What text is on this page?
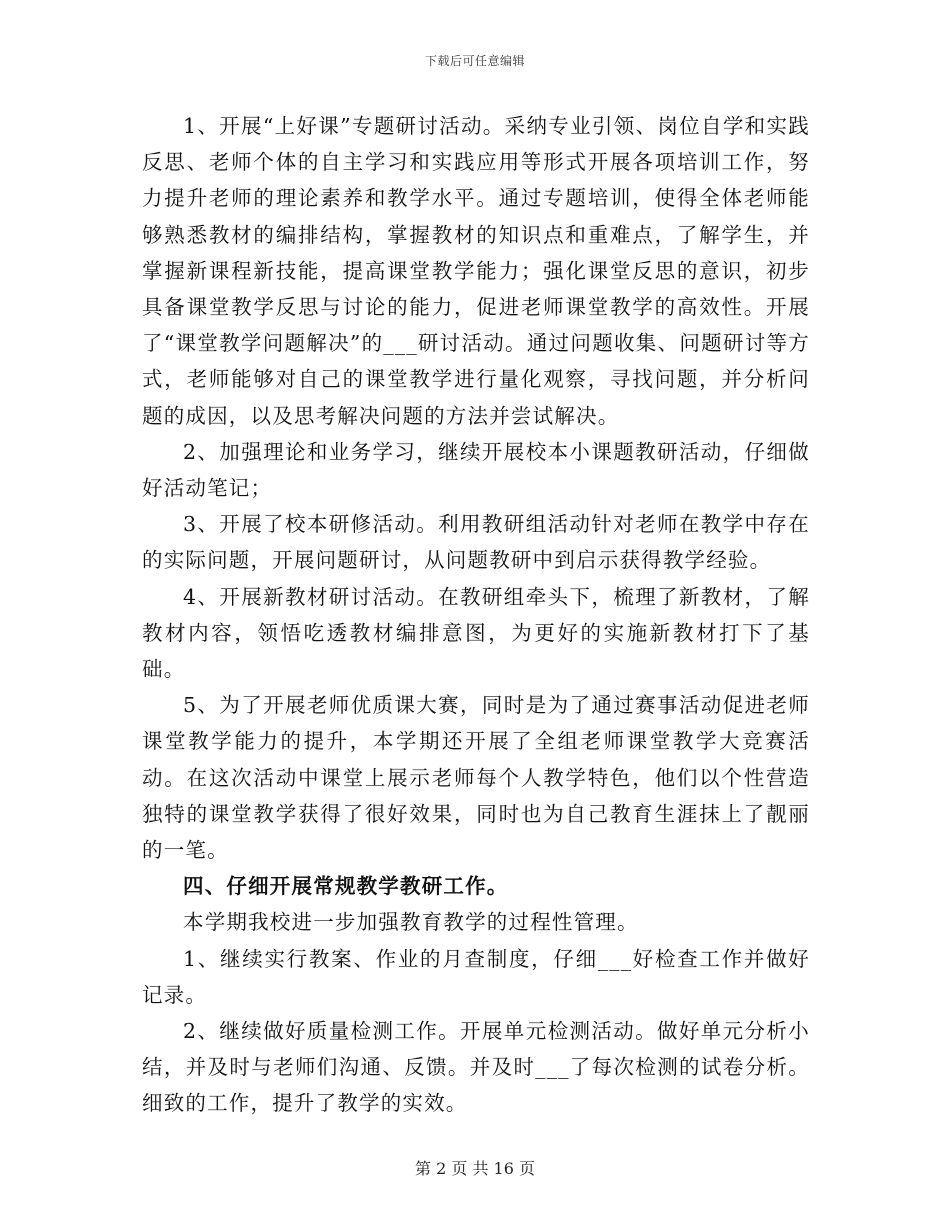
下载后可任意编辑

1、开展“上好课”专题研讨活动。采纳专业引领、岗位自学和实践反思、老师个体的自主学习和实践应用等形式开展各项培训工作，努力提升老师的理论素养和教学水平。通过专题培训，使得全体老师能够熟悉教材的编排结构，掌握教材的知识点和重难点，了解学生，并掌握新课程新技能，提高课堂教学能力；强化课堂反思的意识，初步具备课堂教学反思与讨论的能力，促进老师课堂教学的高效性。开展了“课堂教学问题解决”的___研讨活动。通过问题收集、问题研讨等方式，老师能够对自己的课堂教学进行量化观察，寻找问题，并分析问题的成因，以及思考解决问题的方法并尝试解决。

2、加强理论和业务学习，继续开展校本小课题教研活动，仔细做好活动笔记；

3、开展了校本研修活动。利用教研组活动针对老师在教学中存在的实际问题，开展问题研讨，从问题教研中到启示获得教学经验。

4、开展新教材研讨活动。在教研组牵头下，梳理了新教材，了解教材内容，领悟吃透教材编排意图，为更好的实施新教材打下了基础。

5、为了开展老师优质课大赛，同时是为了通过赛事活动促进老师课堂教学能力的提升，本学期还开展了全组老师课堂教学大竞赛活动。在这次活动中课堂上展示老师每个人教学特色，他们以个性营造独特的课堂教学获得了很好效果，同时也为自己教育生涯抹上了靓丽的一笔。

四、仔细开展常规教学教研工作。

本学期我校进一步加强教育教学的过程性管理。

1、继续实行教案、作业的月查制度，仔细___好检查工作并做好记录。

2、继续做好质量检测工作。开展单元检测活动。做好单元分析小结，并及时与老师们沟通、反馈。并及时___了每次检测的试卷分析。细致的工作，提升了教学的实效。

第 2 页 共 16 页
